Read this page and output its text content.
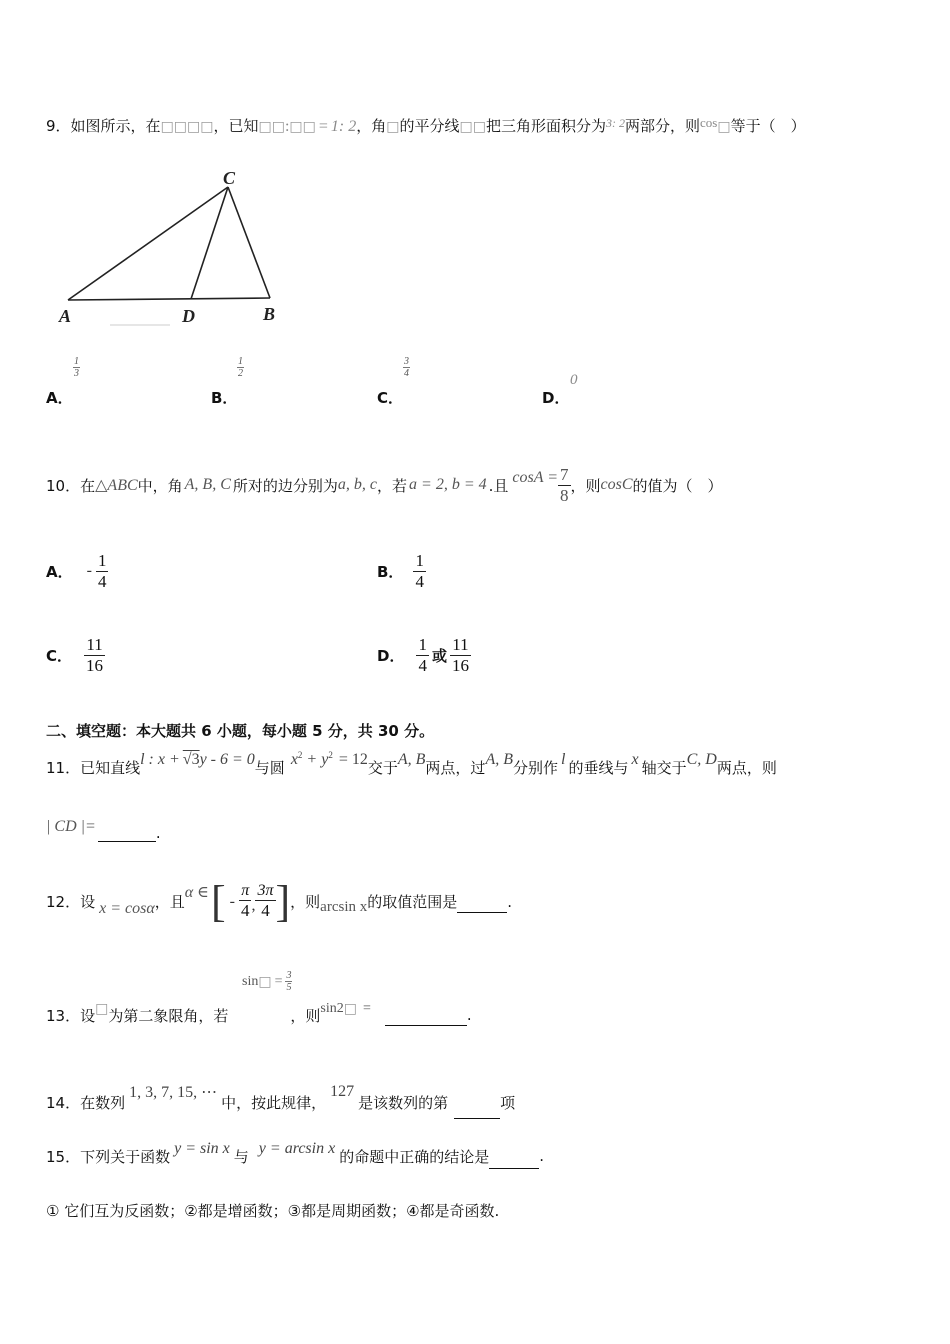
9．如图所示，在□□□□，已知□□:□□ = 1: 2，角□的平分线□□把三角形面积分为$^{3: 2}$两部分，则cos□等于（　）
C
A	D	B
A．
$\frac{1}{3}$
B．
$\frac{1}{2}$
C．
$\frac{3}{4}$
D．
0
10． 在 △ABC 中，角 A, B, C 所对的边分别为 a, b, c ，若 a = 2, b = 4 .且 $\cos A = \frac{7}{8}$ ，则 cosC 的值为（　）
A． - $\frac{1}{4}$	B． $\frac{1}{4}$
C． $\frac{11}{16}$	D． $\frac{1}{4}$ 或 $\frac{11}{16}$
二、填空题：本大题共 6 小题，每小题 5 分，共 30 分。
11． 已知直线 l : x + √3 y - 6 = 0 与圆 x 2 + y 2 = 12 交于 A, B 两点，过 A, B 分别作 l 的垂线与 x 轴交于 C, D 两点，则
| CD |=	.
12． 设 x = cosα ，且
α ∈ [ - $\frac{\pi}{4}$ , $\frac{3\pi}{4}$ ] ，则 arcsin x 的取值范围是	.
sin □ = $\frac{3}{5}$
13． 设 □ 为第二象限角，若	，则 sin2 □ =	.
14． 在数列
1, 3, 7, 15, ⋯
中，按此规律，
127
是该数列的第	项
15． 下列关于函数 y = sin x 与 y = arcsin x 的命题中正确的结论是	.
① 它们互为反函数；②都是增函数；③都是周期函数；④都是奇函数.
